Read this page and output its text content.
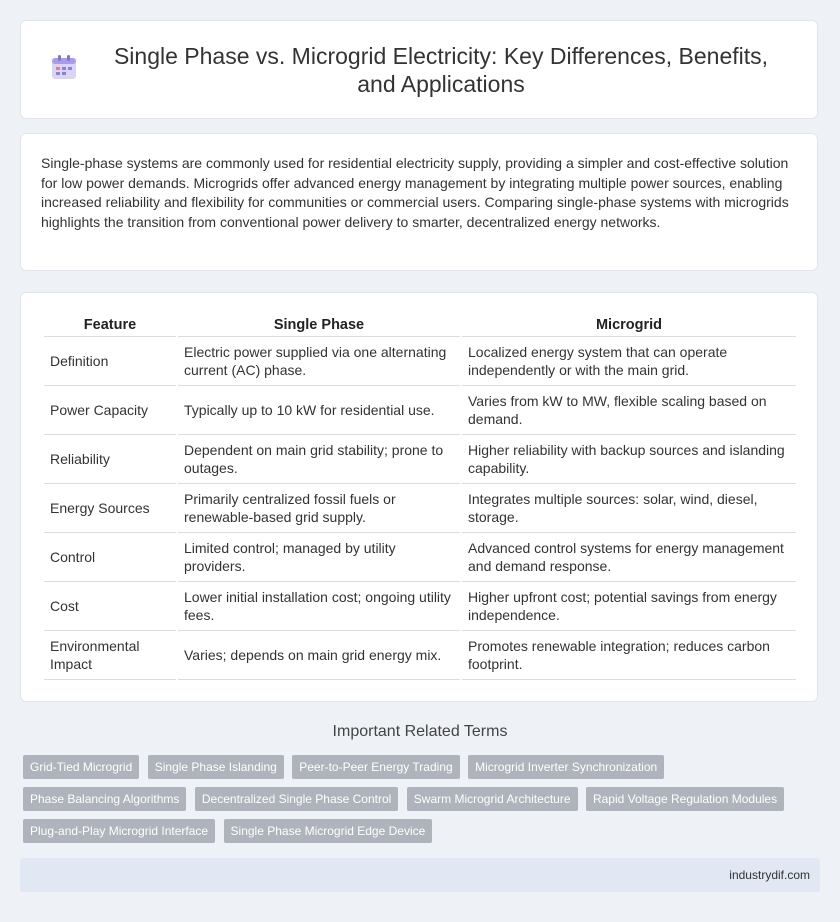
Single Phase vs. Microgrid Electricity: Key Differences, Benefits, and Applications

Single-phase systems are commonly used for residential electricity supply, providing a simpler and cost-effective solution for low power demands. Microgrids offer advanced energy management by integrating multiple power sources, enabling increased reliability and flexibility for communities or commercial users. Comparing single-phase systems with microgrids highlights the transition from conventional power delivery to smarter, decentralized energy networks.

Feature	Single Phase	Microgrid
Definition	Electric power supplied via one alternating current (AC) phase.	Localized energy system that can operate independently or with the main grid.
Power Capacity	Typically up to 10 kW for residential use.	Varies from kW to MW, flexible scaling based on demand.
Reliability	Dependent on main grid stability; prone to outages.	Higher reliability with backup sources and islanding capability.
Energy Sources	Primarily centralized fossil fuels or renewable-based grid supply.	Integrates multiple sources: solar, wind, diesel, storage.
Control	Limited control; managed by utility providers.	Advanced control systems for energy management and demand response.
Cost	Lower initial installation cost; ongoing utility fees.	Higher upfront cost; potential savings from energy independence.
Environmental Impact	Varies; depends on main grid energy mix.	Promotes renewable integration; reduces carbon footprint.
Important Related Terms
Grid-Tied Microgrid Single Phase Islanding Peer-to-Peer Energy Trading Microgrid Inverter Synchronization Phase Balancing Algorithms Decentralized Single Phase Control Swarm Microgrid Architecture Rapid Voltage Regulation Modules Plug-and-Play Microgrid Interface Single Phase Microgrid Edge Device
industrydif.com
